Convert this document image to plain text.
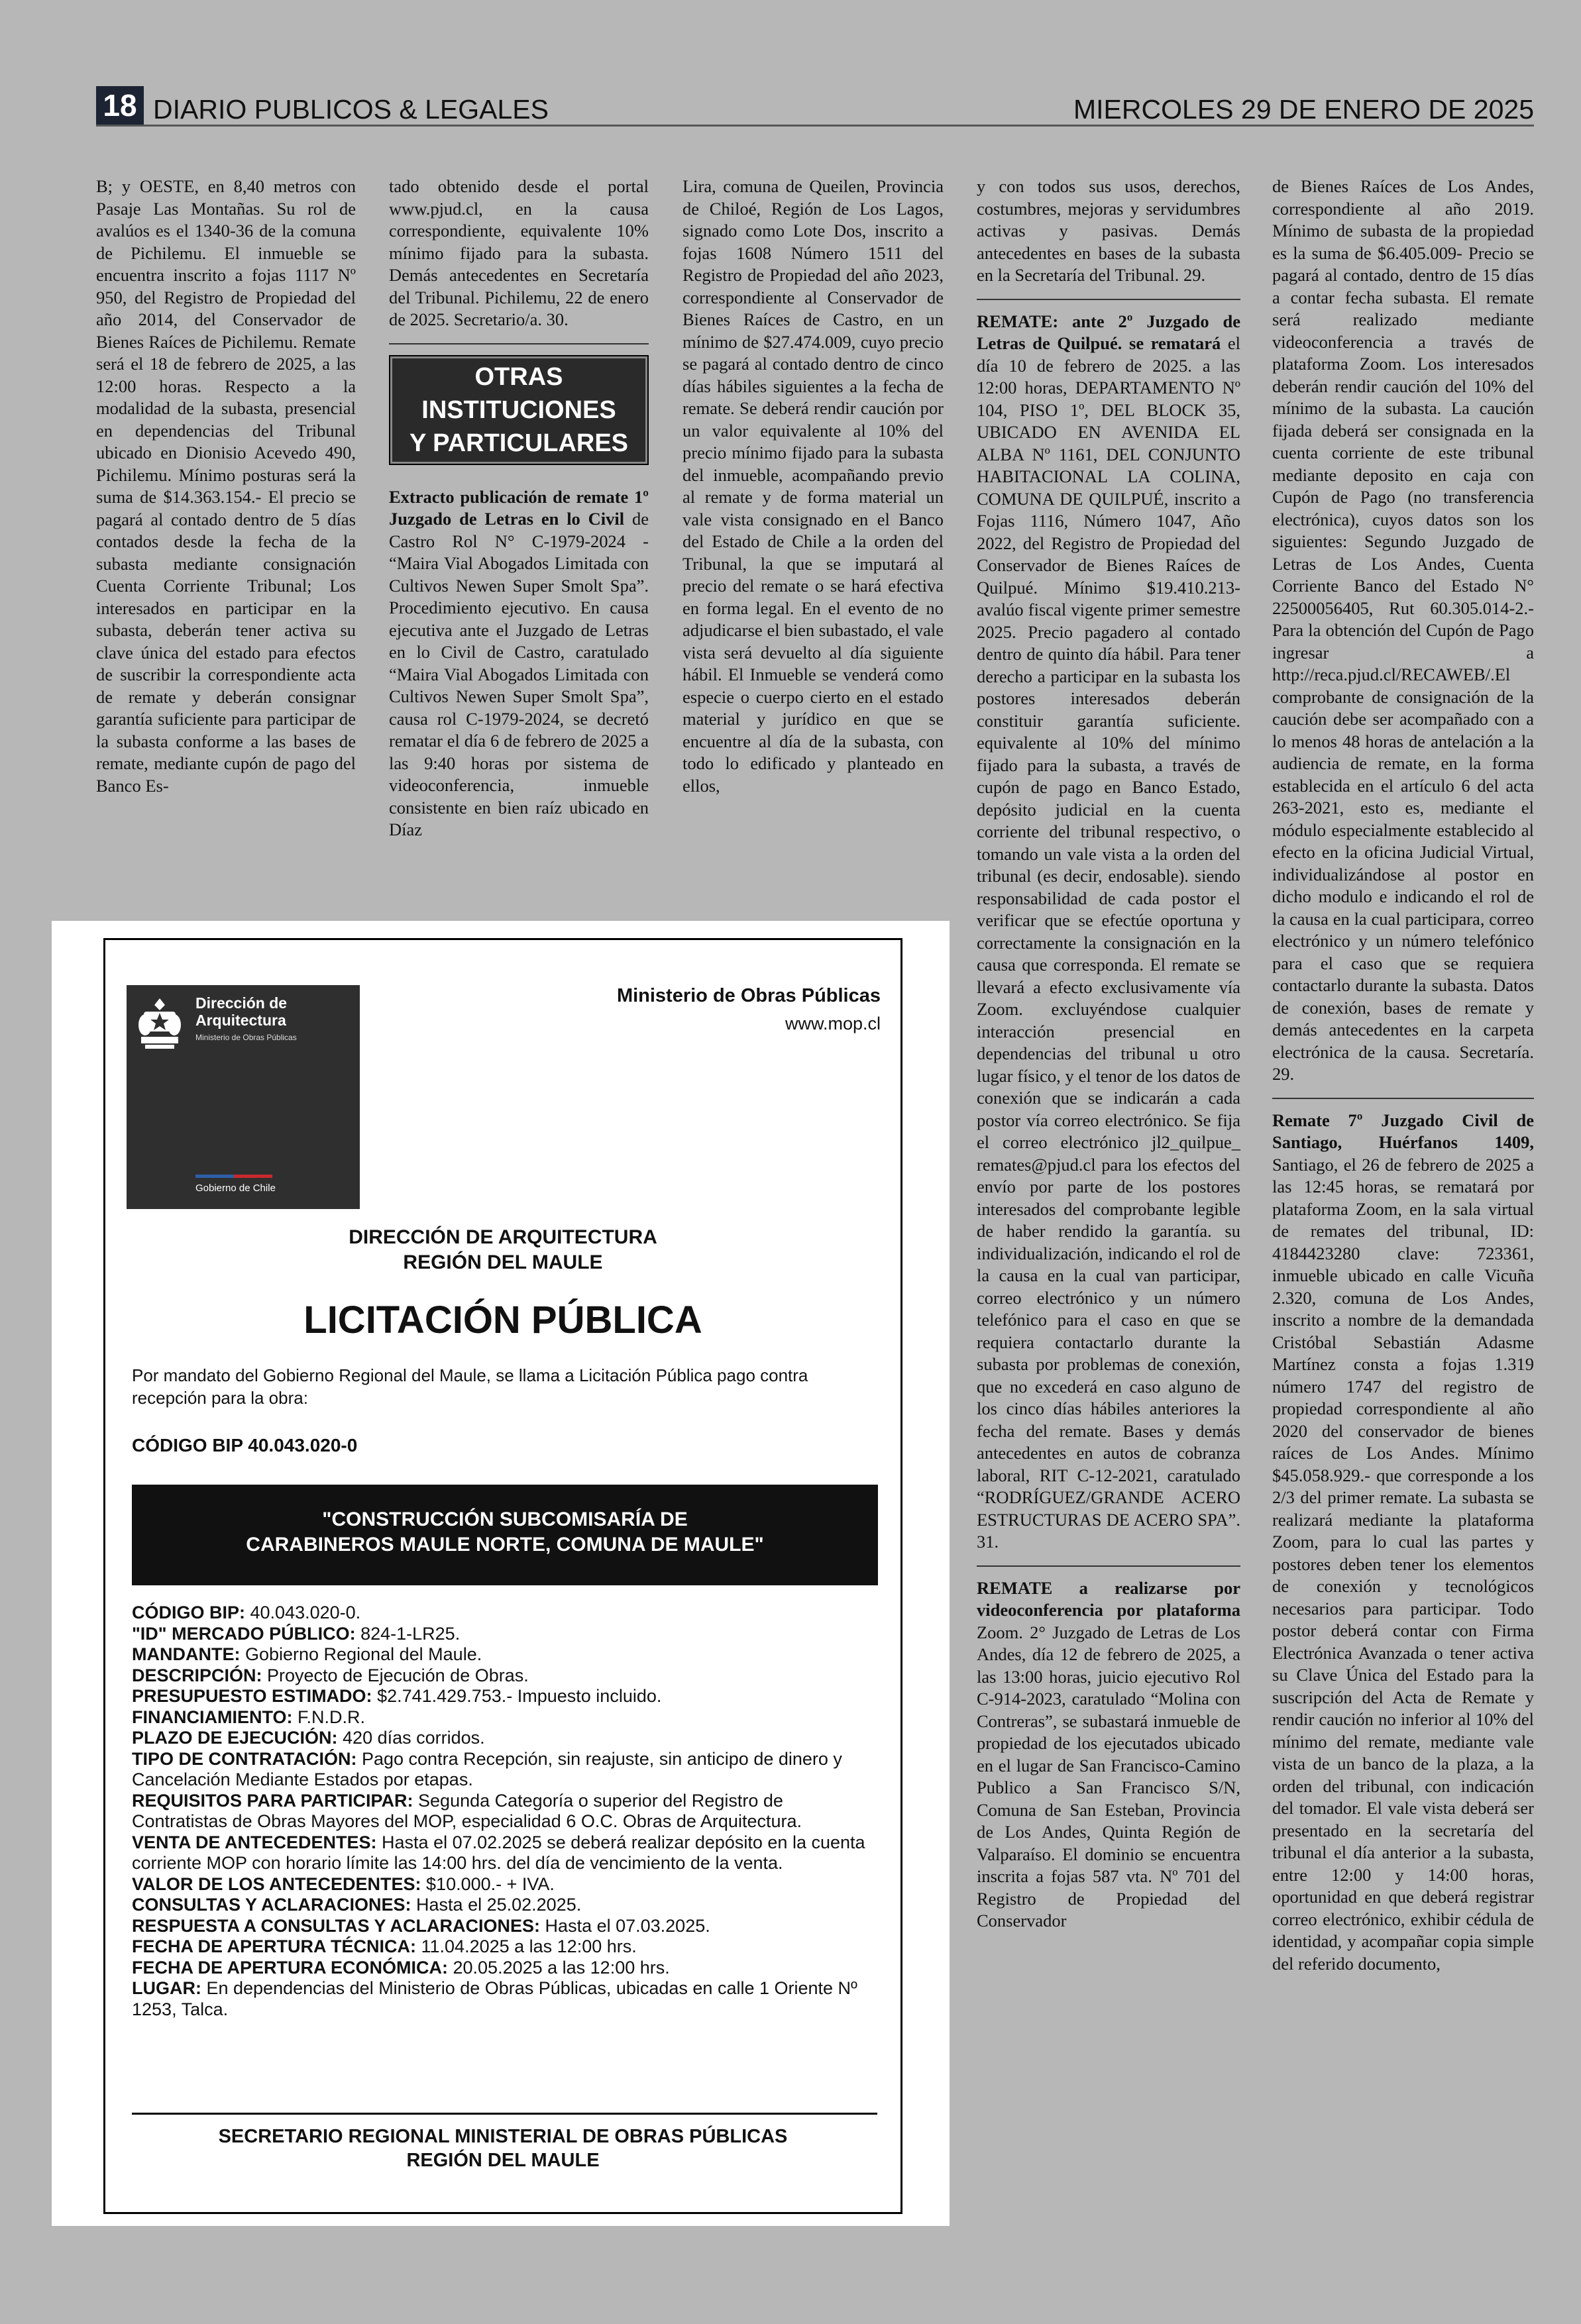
18 DIARIO PUBLICOS & LEGALES	MIERCOLES 29 DE ENERO DE 2025

B; y OESTE, en 8,40 metros con Pasaje Las Montañas. Su rol de avalúos es el 1340-36 de la comuna de Pichilemu. El inmueble se encuentra inscrito a fojas 1117 Nº 950, del Registro de Propiedad del año 2014, del Conservador de Bienes Raíces de Pichilemu. Remate será el 18 de febrero de 2025, a las 12:00 horas. Respecto a la modalidad de la subasta, presencial en dependencias del Tribunal ubicado en Dionisio Acevedo 490, Pichilemu. Mínimo posturas será la suma de $14.363.154.- El precio se pagará al contado dentro de 5 días contados desde la fecha de la subasta mediante consignación Cuenta Corriente Tribunal; Los interesados en participar en la subasta, deberán tener activa su clave única del estado para efectos de suscribir la correspondiente acta de remate y deberán consignar garantía suficiente para participar de la subasta conforme a las bases de remate, mediante cupón de pago del Banco Es-

tado obtenido desde el portal www.pjud.cl, en la causa correspondiente, equivalente 10% mínimo fijado para la subasta. Demás antecedentes en Secretaría del Tribunal. Pichilemu, 22 de enero de 2025. Secretario/a. 30.

OTRAS INSTITUCIONES
Y PARTICULARES

Extracto publicación de remate 1º Juzgado de Letras en lo Civil de Castro Rol N° C-1979-2024 - “Maira Vial Abogados Limitada con Cultivos Newen Super Smolt Spa”. Procedimiento ejecutivo. En causa ejecutiva ante el Juzgado de Letras en lo Civil de Castro, caratulado “Maira Vial Abogados Limitada con Cultivos Newen Super Smolt Spa”, causa rol C-1979-2024, se decretó rematar el día 6 de febrero de 2025 a las 9:40 horas por sistema de videoconferencia, inmueble consistente en bien raíz ubicado en Díaz

Lira, comuna de Queilen, Provincia de Chiloé, Región de Los Lagos, signado como Lote Dos, inscrito a fojas 1608 Número 1511 del Registro de Propiedad del año 2023, correspondiente al Conservador de Bienes Raíces de Castro, en un mínimo de $27.474.009, cuyo precio se pagará al contado dentro de cinco días hábiles siguientes a la fecha de remate. Se deberá rendir caución por un valor equivalente al 10% del precio mínimo fijado para la subasta del inmueble, acompañando previo al remate y de forma material un vale vista consignado en el Banco del Estado de Chile a la orden del Tribunal, la que se imputará al precio del remate o se hará efectiva en forma legal. En el evento de no adjudicarse el bien subastado, el vale vista será devuelto al día siguiente hábil. El Inmueble se venderá como especie o cuerpo cierto en el estado material y jurídico en que se encuentre al día de la subasta, con todo lo edificado y planteado en ellos,

y con todos sus usos, derechos, costumbres, mejoras y servidumbres activas y pasivas. Demás antecedentes en bases de la subasta en la Secretaría del Tribunal. 29.

REMATE: ante 2º Juzgado de Letras de Quilpué. se rematará el día 10 de febrero de 2025. a las 12:00 horas, DEPARTAMENTO Nº 104, PISO 1º, DEL BLOCK 35, UBICADO EN AVENIDA EL ALBA Nº 1161, DEL CONJUNTO HABITACIONAL LA COLINA, COMUNA DE QUILPUÉ, inscrito a Fojas 1116, Número 1047, Año 2022, del Registro de Propiedad del Conservador de Bienes Raíces de Quilpué. Mínimo $19.410.213- avalúo fiscal vigente primer semestre 2025. Precio pagadero al contado dentro de quinto día hábil. Para tener derecho a participar en la subasta los postores interesados deberán constituir garantía suficiente. equivalente al 10% del mínimo fijado para la subasta, a través de cupón de pago en Banco Estado, depósito judicial en la cuenta corriente del tribunal respectivo, o tomando un vale vista a la orden del tribunal (es decir, endosable). siendo responsabilidad de cada postor el verificar que se efectúe oportuna y correctamente la consignación en la causa que corresponda. El remate se llevará a efecto exclusivamente vía Zoom. excluyéndose cualquier interacción presencial en dependencias del tribunal u otro lugar físico, y el tenor de los datos de conexión que se indicarán a cada postor vía correo electrónico. Se fija el correo electrónico jl2_quilpue_ remates@pjud.cl para los efectos del envío por parte de los postores interesados del comprobante legible de haber rendido la garantía. su individualización, indicando el rol de la causa en la cual van participar, correo electrónico y un número telefónico para el caso en que se requiera contactarlo durante la subasta por problemas de conexión, que no excederá en caso alguno de los cinco días hábiles anteriores la fecha del remate. Bases y demás antecedentes en autos de cobranza laboral, RIT C-12-2021, caratulado “RODRÍGUEZ/GRANDE ACERO ESTRUCTURAS DE ACERO SPA”. 31.

REMATE a realizarse por videoconferencia por plataforma Zoom. 2° Juzgado de Letras de Los Andes, día 12 de febrero de 2025, a las 13:00 horas, juicio ejecutivo Rol C-914-2023, caratulado “Molina con Contreras”, se subastará inmueble de propiedad de los ejecutados ubicado en el lugar de San Francisco-Camino Publico a San Francisco S/N, Comuna de San Esteban, Provincia de Los Andes, Quinta Región de Valparaíso. El dominio se encuentra inscrita a fojas 587 vta. Nº 701 del Registro de Propiedad del Conservador

de Bienes Raíces de Los Andes, correspondiente al año 2019. Mínimo de subasta de la propiedad es la suma de $6.405.009- Precio se pagará al contado, dentro de 15 días a contar fecha subasta. El remate será realizado mediante videoconferencia a través de plataforma Zoom. Los interesados deberán rendir caución del 10% del mínimo de la subasta. La caución fijada deberá ser consignada en la cuenta corriente de este tribunal mediante deposito en caja con Cupón de Pago (no transferencia electrónica), cuyos datos son los siguientes: Segundo Juzgado de Letras de Los Andes, Cuenta Corriente Banco del Estado N° 22500056405, Rut 60.305.014-2.- Para la obtención del Cupón de Pago ingresar a http://reca.pjud.cl/RECAWEB/.El comprobante de consignación de la caución debe ser acompañado con a lo menos 48 horas de antelación a la audiencia de remate, en la forma establecida en el artículo 6 del acta 263-2021, esto es, mediante el módulo especialmente establecido al efecto en la oficina Judicial Virtual, individualizándose al postor en dicho modulo e indicando el rol de la causa en la cual participara, correo electrónico y un número telefónico para el caso que se requiera contactarlo durante la subasta. Datos de conexión, bases de remate y demás antecedentes en la carpeta electrónica de la causa. Secretaría. 29.

Remate 7º Juzgado Civil de Santiago, Huérfanos 1409, Santiago, el 26 de febrero de 2025 a las 12:45 horas, se rematará por plataforma Zoom, en la sala virtual de remates del tribunal, ID: 4184423280 clave: 723361, inmueble ubicado en calle Vicuña 2.320, comuna de Los Andes, inscrito a nombre de la demandada Cristóbal Sebastián Adasme Martínez consta a fojas 1.319 número 1747 del registro de propiedad correspondiente al año 2020 del conservador de bienes raíces de Los Andes. Mínimo $45.058.929.- que corresponde a los 2/3 del primer remate. La subasta se realizará mediante la plataforma Zoom, para lo cual las partes y postores deben tener los elementos de conexión y tecnológicos necesarios para participar. Todo postor deberá contar con Firma Electrónica Avanzada o tener activa su Clave Única del Estado para la suscripción del Acta de Remate y rendir caución no inferior al 10% del mínimo del remate, mediante vale vista de un banco de la plaza, a la orden del tribunal, con indicación del tomador. El vale vista deberá ser presentado en la secretaría del tribunal el día anterior a la subasta, entre 12:00 y 14:00 horas, oportunidad en que deberá registrar correo electrónico, exhibir cédula de identidad, y acompañar copia simple del referido documento,

Dirección de Arquitectura
Ministerio de Obras Públicas
Gobierno de Chile
Ministerio de Obras Públicas
www.mop.cl
DIRECCIÓN DE ARQUITECTURA
REGIÓN DEL MAULE
LICITACIÓN PÚBLICA
Por mandato del Gobierno Regional del Maule, se llama a Licitación Pública pago contra recepción para la obra:
CÓDIGO BIP 40.043.020-0
"CONSTRUCCIÓN SUBCOMISARÍA DE
CARABINEROS MAULE NORTE, COMUNA DE MAULE"
CÓDIGO BIP: 40.043.020-0.
"ID" MERCADO PÚBLICO: 824-1-LR25.
MANDANTE: Gobierno Regional del Maule.
DESCRIPCIÓN: Proyecto de Ejecución de Obras.
PRESUPUESTO ESTIMADO: $2.741.429.753.- Impuesto incluido.
FINANCIAMIENTO: F.N.D.R.
PLAZO DE EJECUCIÓN: 420 días corridos.
TIPO DE CONTRATACIÓN: Pago contra Recepción, sin reajuste, sin anticipo de dinero y Cancelación Mediante Estados por etapas.
REQUISITOS PARA PARTICIPAR: Segunda Categoría o superior del Registro de Contratistas de Obras Mayores del MOP, especialidad 6 O.C. Obras de Arquitectura.
VENTA DE ANTECEDENTES: Hasta el 07.02.2025 se deberá realizar depósito en la cuenta corriente MOP con horario límite las 14:00 hrs. del día de vencimiento de la venta.
VALOR DE LOS ANTECEDENTES: $10.000.- + IVA.
CONSULTAS Y ACLARACIONES: Hasta el 25.02.2025.
RESPUESTA A CONSULTAS Y ACLARACIONES: Hasta el 07.03.2025.
FECHA DE APERTURA TÉCNICA: 11.04.2025 a las 12:00 hrs.
FECHA DE APERTURA ECONÓMICA: 20.05.2025 a las 12:00 hrs.
LUGAR: En dependencias del Ministerio de Obras Públicas, ubicadas en calle 1 Oriente Nº 1253, Talca.
SECRETARIO REGIONAL MINISTERIAL DE OBRAS PÚBLICAS
REGIÓN DEL MAULE
